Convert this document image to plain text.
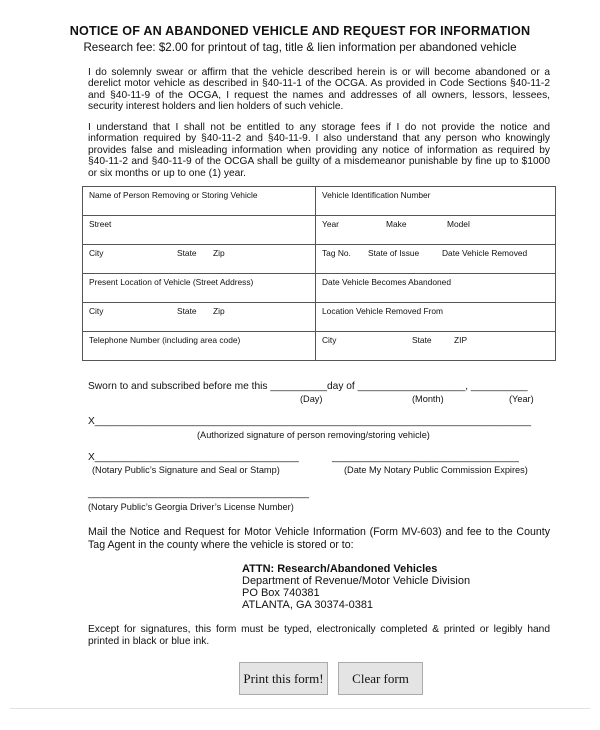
NOTICE OF AN ABANDONED VEHICLE AND REQUEST FOR INFORMATION
Research fee: $2.00 for printout of tag, title & lien information per abandoned vehicle
I do solemnly swear or affirm that the vehicle described herein is or will become abandoned or a derelict motor vehicle as described in §40-11-1 of the OCGA. As provided in Code Sections §40-11-2 and §40-11-9 of the OCGA, I request the names and addresses of all owners, lessors, lessees, security interest holders and lien holders of such vehicle.
I understand that I shall not be entitled to any storage fees if I do not provide the notice and information required by §40-11-2 and §40-11-9. I also understand that any person who knowingly provides false and misleading information when providing any notice of information as required by §40-11-2 and §40-11-9 of the OCGA shall be guilty of a misdemeanor punishable by fine up to $1000 or six months or up to one (1) year.
Name of Person Removing or Storing Vehicle	Vehicle Identification Number
Street	Year Make Model

City State Zip	Tag No. State of Issue Date Vehicle Removed

Present Location of Vehicle (Street Address)	Date Vehicle Becomes Abandoned

City State Zip	Location Vehicle Removed From
Telephone Number (including area code)	City State ZIP
Sworn to and subscribed before me this __________day of ___________________, __________
(Day)	(Month)	(Year)
X_____________________________________________________________________________
(Authorized signature of person removing/storing vehicle)
X____________________________________	_________________________________
(Notary Public’s Signature and Seal or Stamp)	(Date My Notary Public Commission Expires)
_______________________________________
(Notary Public’s Georgia Driver’s License Number)
Mail the Notice and Request for Motor Vehicle Information (Form MV-603) and fee to the County Tag Agent in the county where the vehicle is stored or to:
ATTN: Research/Abandoned Vehicles
Department of Revenue/Motor Vehicle Division
PO Box 740381
ATLANTA, GA 30374-0381
Except for signatures, this form must be typed, electronically completed & printed or legibly hand printed in black or blue ink.
Print this form!	Clear form
